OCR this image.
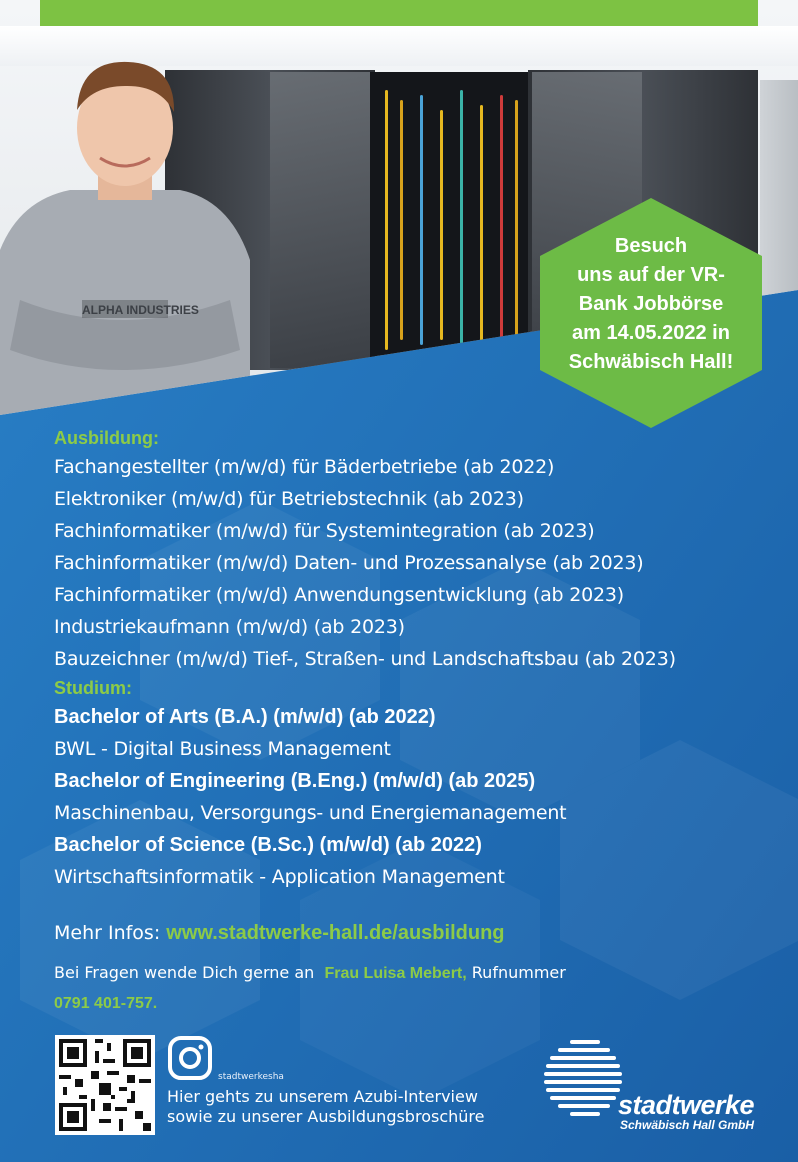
ALPHA INDUSTRIES
Besuch
uns auf der VR-
Bank Jobbörse
am 14.05.2022 in
Schwäbisch Hall!
Ausbildung:
Fachangestellter (m/w/d) für Bäderbetriebe (ab 2022)
Elektroniker (m/w/d) für Betriebstechnik (ab 2023)
Fachinformatiker (m/w/d) für Systemintegration (ab 2023)
Fachinformatiker (m/w/d) Daten- und Prozessanalyse (ab 2023)
Fachinformatiker (m/w/d) Anwendungsentwicklung (ab 2023)
Industriekaufmann (m/w/d) (ab 2023)
Bauzeichner (m/w/d) Tief-, Straßen- und Landschaftsbau (ab 2023)
Studium:
Bachelor of Arts (B.A.) (m/w/d) (ab 2022)
BWL - Digital Business Management
Bachelor of Engineering (B.Eng.) (m/w/d) (ab 2025)
Maschinenbau, Versorgungs- und Energiemanagement
Bachelor of Science (B.Sc.) (m/w/d) (ab 2022)
Wirtschaftsinformatik - Application Management
Mehr Infos: www.stadtwerke-hall.de/ausbildung
Bei Fragen wende Dich gerne an Frau Luisa Mebert, Rufnummer
0791 401-757.
stadtwerkesha
Hier gehts zu unserem Azubi-Interview
sowie zu unserer Ausbildungsbroschüre	stadtwerke
Schwäbisch Hall GmbH
